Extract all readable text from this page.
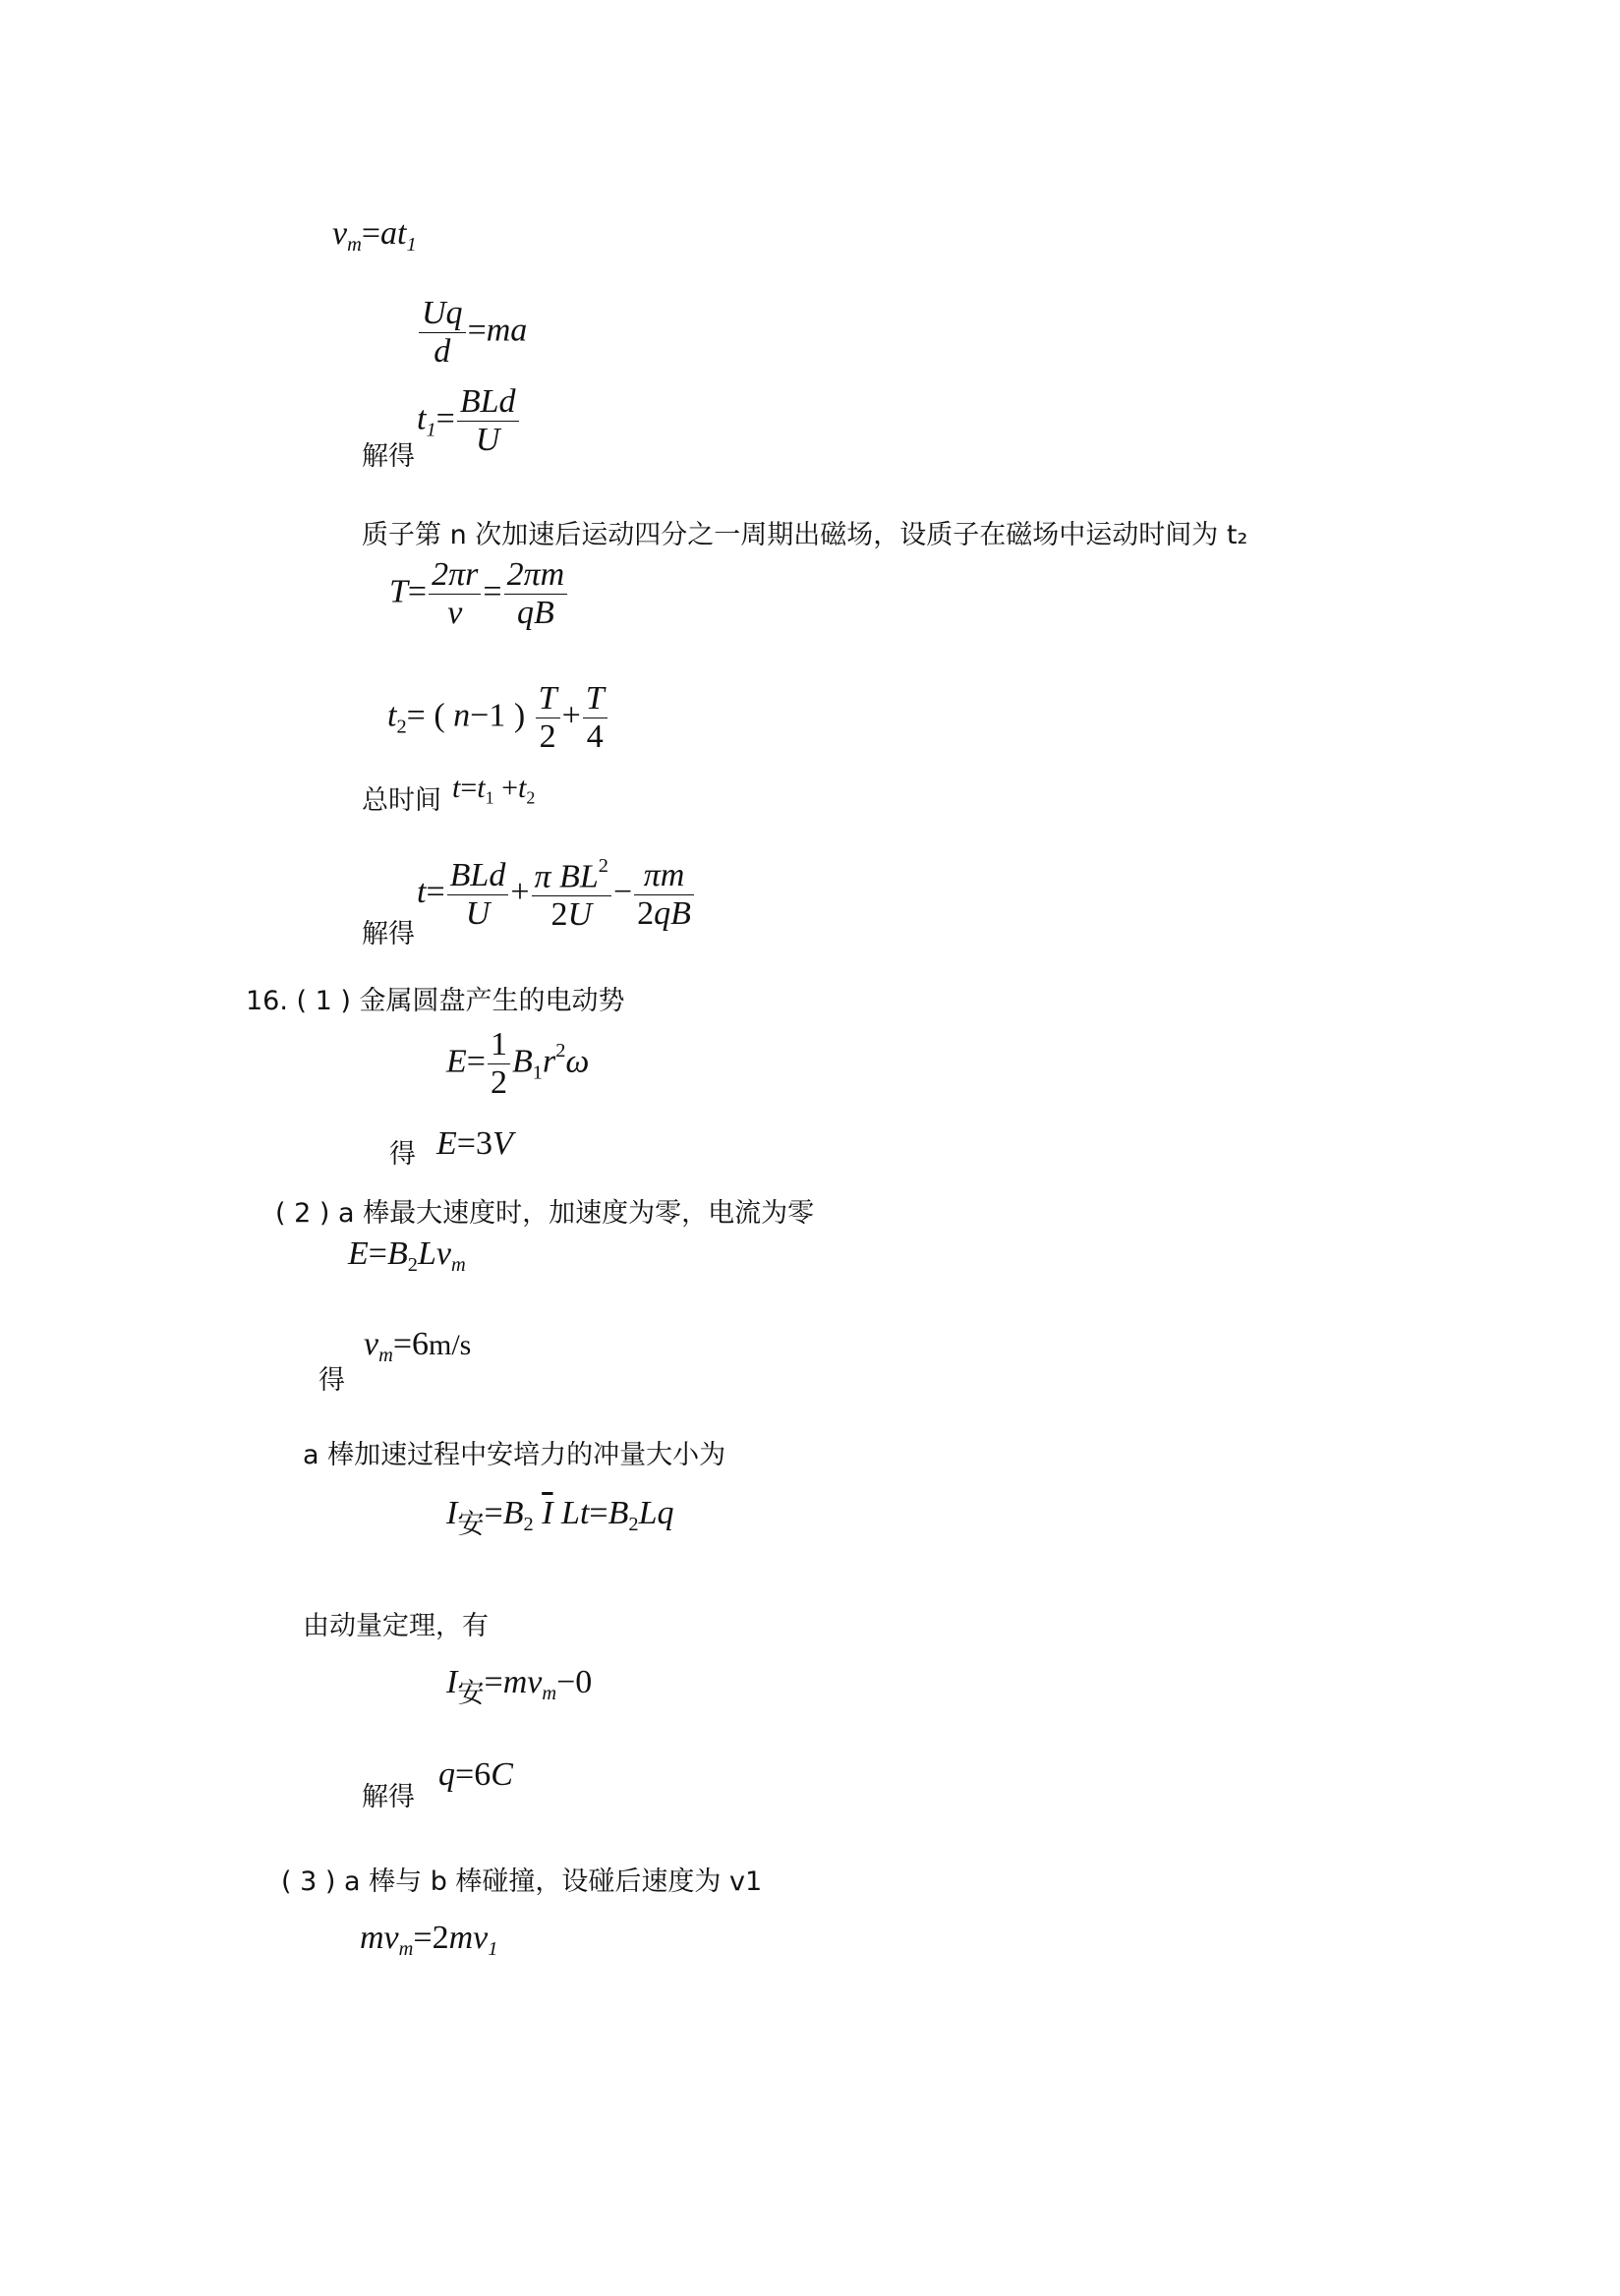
$v_m=at_1$
$\frac{Uq}{d} =ma$
解得
$t_1= \frac{\text{BLd}}{U}$
质子第 n 次加速后运动四分之一周期出磁场，设质子在磁场中运动时间为 t₂
$T= \frac{2\pi r}{v} = \frac{2\pi m}{qB}$
$t_2=$ ( n−1 ) $\frac{T}{2} + \frac{T}{4}$
总时间 $t=t_1 +t_2$
解得
$t= \frac{\text{BLd}}{U} + \frac{\pi BL^2}{2U} - \frac{\pi m}{2qB}$
16. ( 1 ) 金属圆盘产生的电动势
$E= \frac{1}{2} B_1r^2\omega$
得 E=3V
( 2 ) a 棒最大速度时，加速度为零，电流为零
$E=B_2Lv_m$
得
$v_m=6m/s$
a 棒加速过程中安培力的冲量大小为
$I_安=B_2$ $\overline{I}$ $Lt=B_2Lq$
由动量定理，有
$I_安=mv_m-0$
解得
q=6C
( 3 ) a 棒与 b 棒碰撞，设碰后速度为 v1
$mv_m=2mv_1$
